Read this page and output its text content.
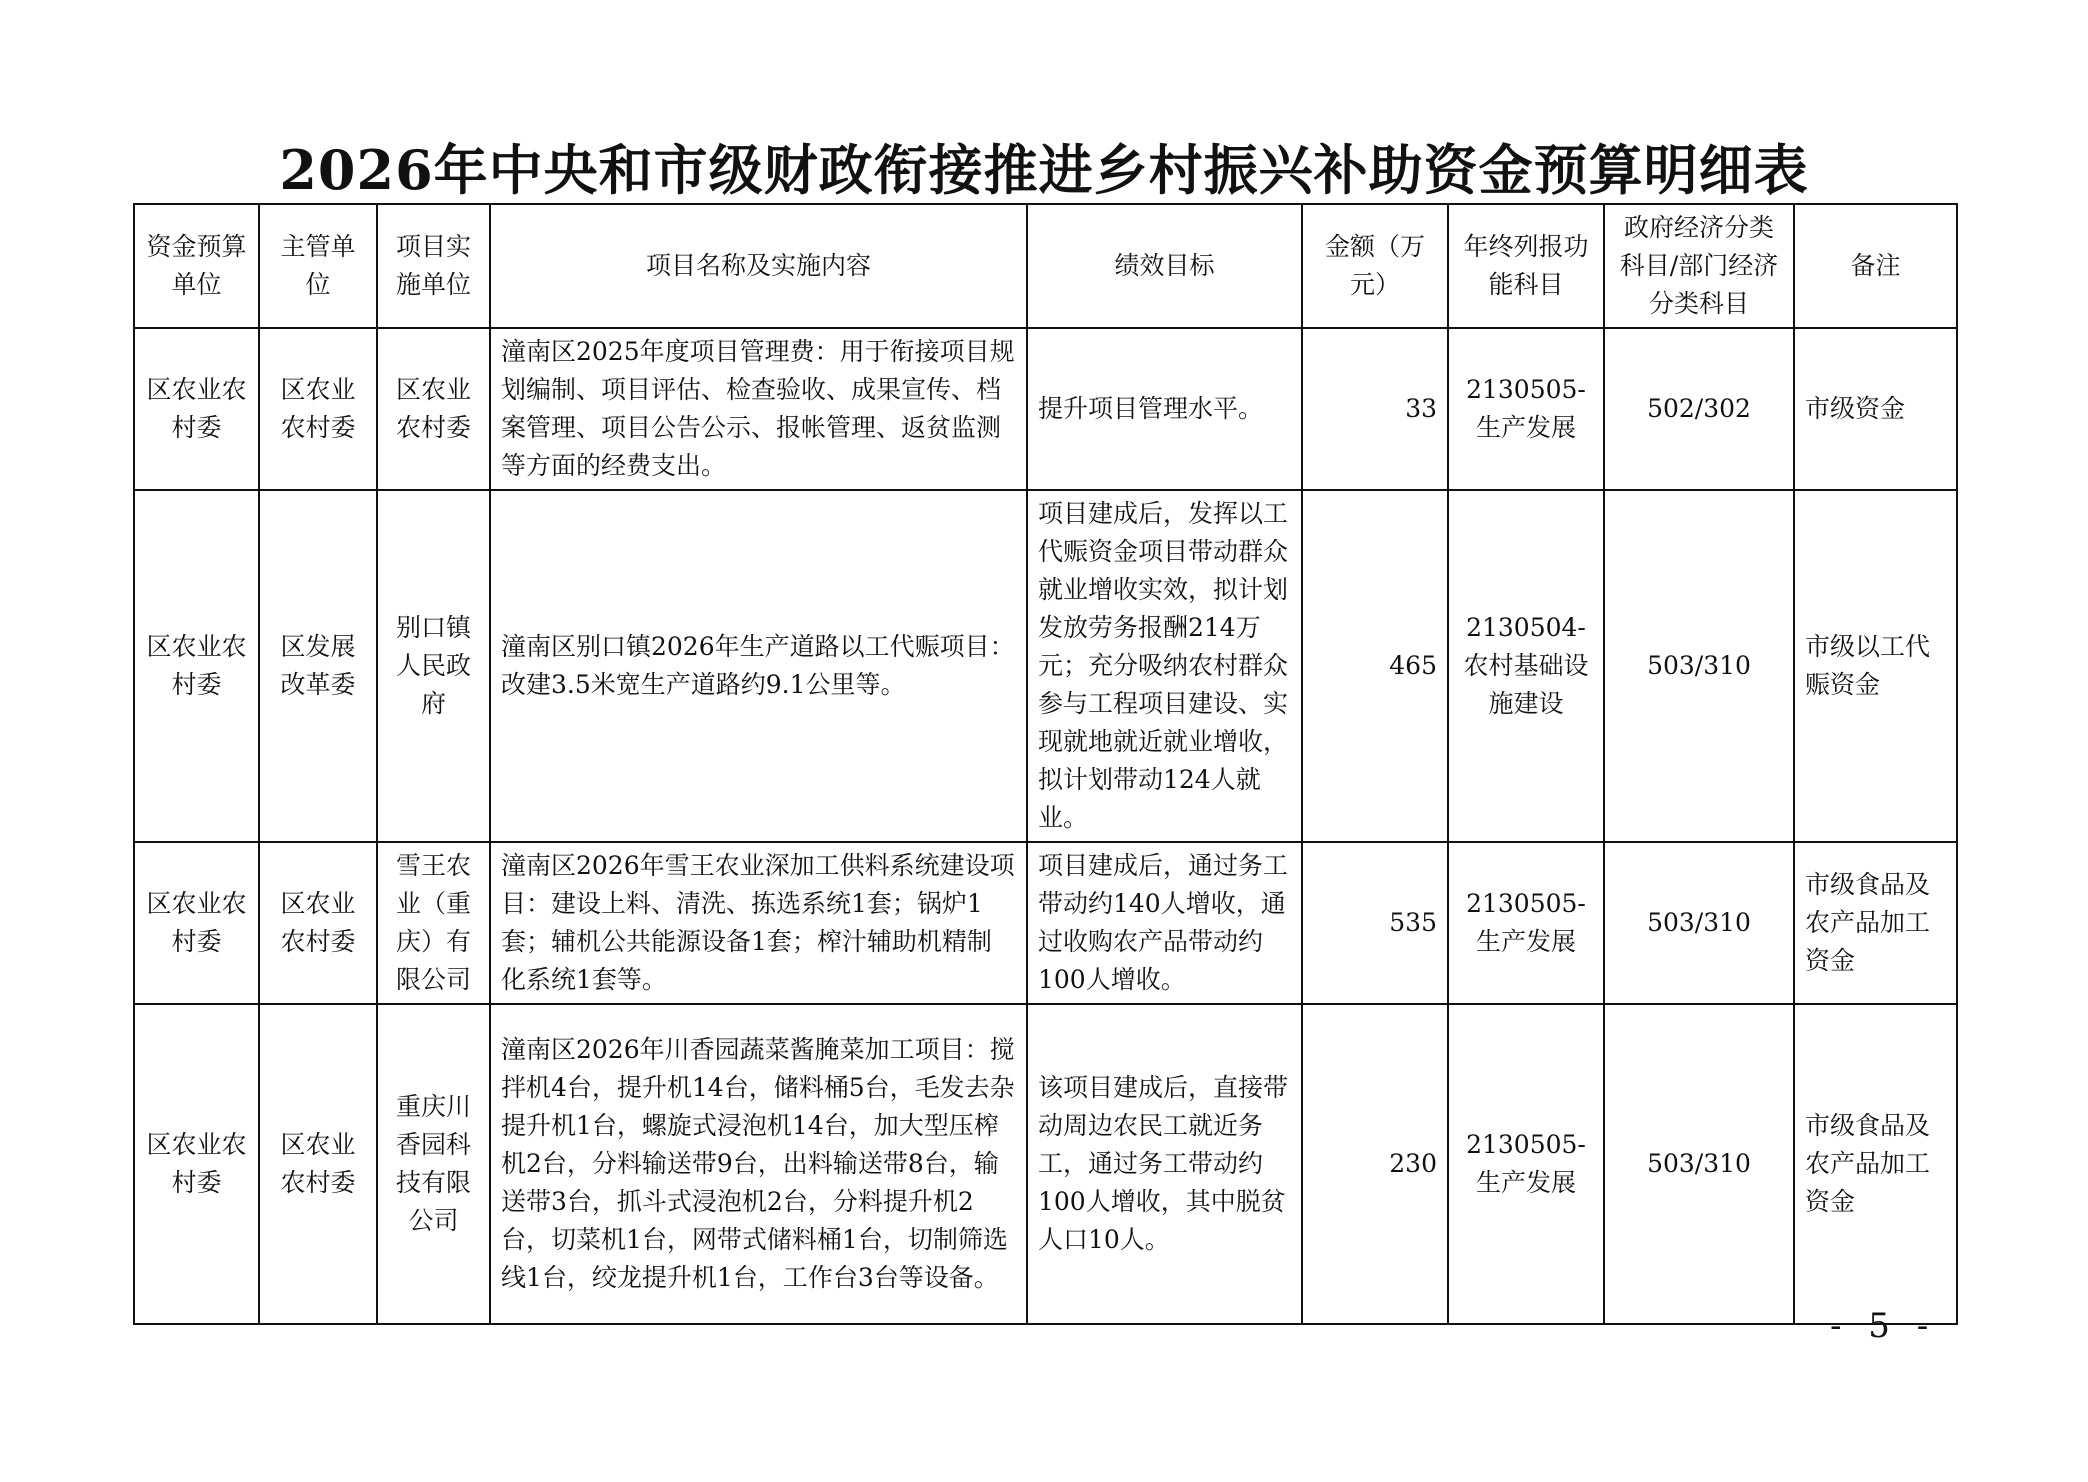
2026年中央和市级财政衔接推进乡村振兴补助资金预算明细表
资金预算单位	主管单位	项目实施单位	项目名称及实施内容	绩效目标	金额（万元）	年终列报功能科目	政府经济分类科目/部门经济分类科目	备注
区农业农村委	区农业农村委	区农业农村委	潼南区2025年度项目管理费：用于衔接项目规划编制、项目评估、检查验收、成果宣传、档案管理、项目公告公示、报帐管理、返贫监测等方面的经费支出。	提升项目管理水平。	33	2130505-生产发展	502/302	市级资金
区农业农村委	区发展改革委	别口镇人民政府	潼南区别口镇2026年生产道路以工代赈项目：改建3.5米宽生产道路约9.1公里等。	项目建成后，发挥以工代赈资金项目带动群众就业增收实效，拟计划发放劳务报酬214万元；充分吸纳农村群众参与工程项目建设、实现就地就近就业增收，拟计划带动124人就业。	465	2130504-农村基础设施建设	503/310	市级以工代赈资金
区农业农村委	区农业农村委	雪王农业（重庆）有限公司	潼南区2026年雪王农业深加工供料系统建设项目：建设上料、清洗、拣选系统1套；锅炉1套；辅机公共能源设备1套；榨汁辅助机精制化系统1套等。	项目建成后，通过务工带动约140人增收，通过收购农产品带动约100人增收。	535	2130505-生产发展	503/310	市级食品及农产品加工资金
区农业农村委	区农业农村委	重庆川香园科技有限公司	潼南区2026年川香园蔬菜酱腌菜加工项目：搅拌机4台，提升机14台，储料桶5台，毛发去杂提升机1台，螺旋式浸泡机14台，加大型压榨机2台，分料输送带9台，出料输送带8台，输送带3台，抓斗式浸泡机2台，分料提升机2台，切菜机1台，网带式储料桶1台，切制筛选线1台，绞龙提升机1台，工作台3台等设备。	该项目建成后，直接带动周边农民工就近务工，通过务工带动约100人增收，其中脱贫人口10人。	230	2130505-生产发展	503/310	市级食品及农产品加工资金
- 5 -
